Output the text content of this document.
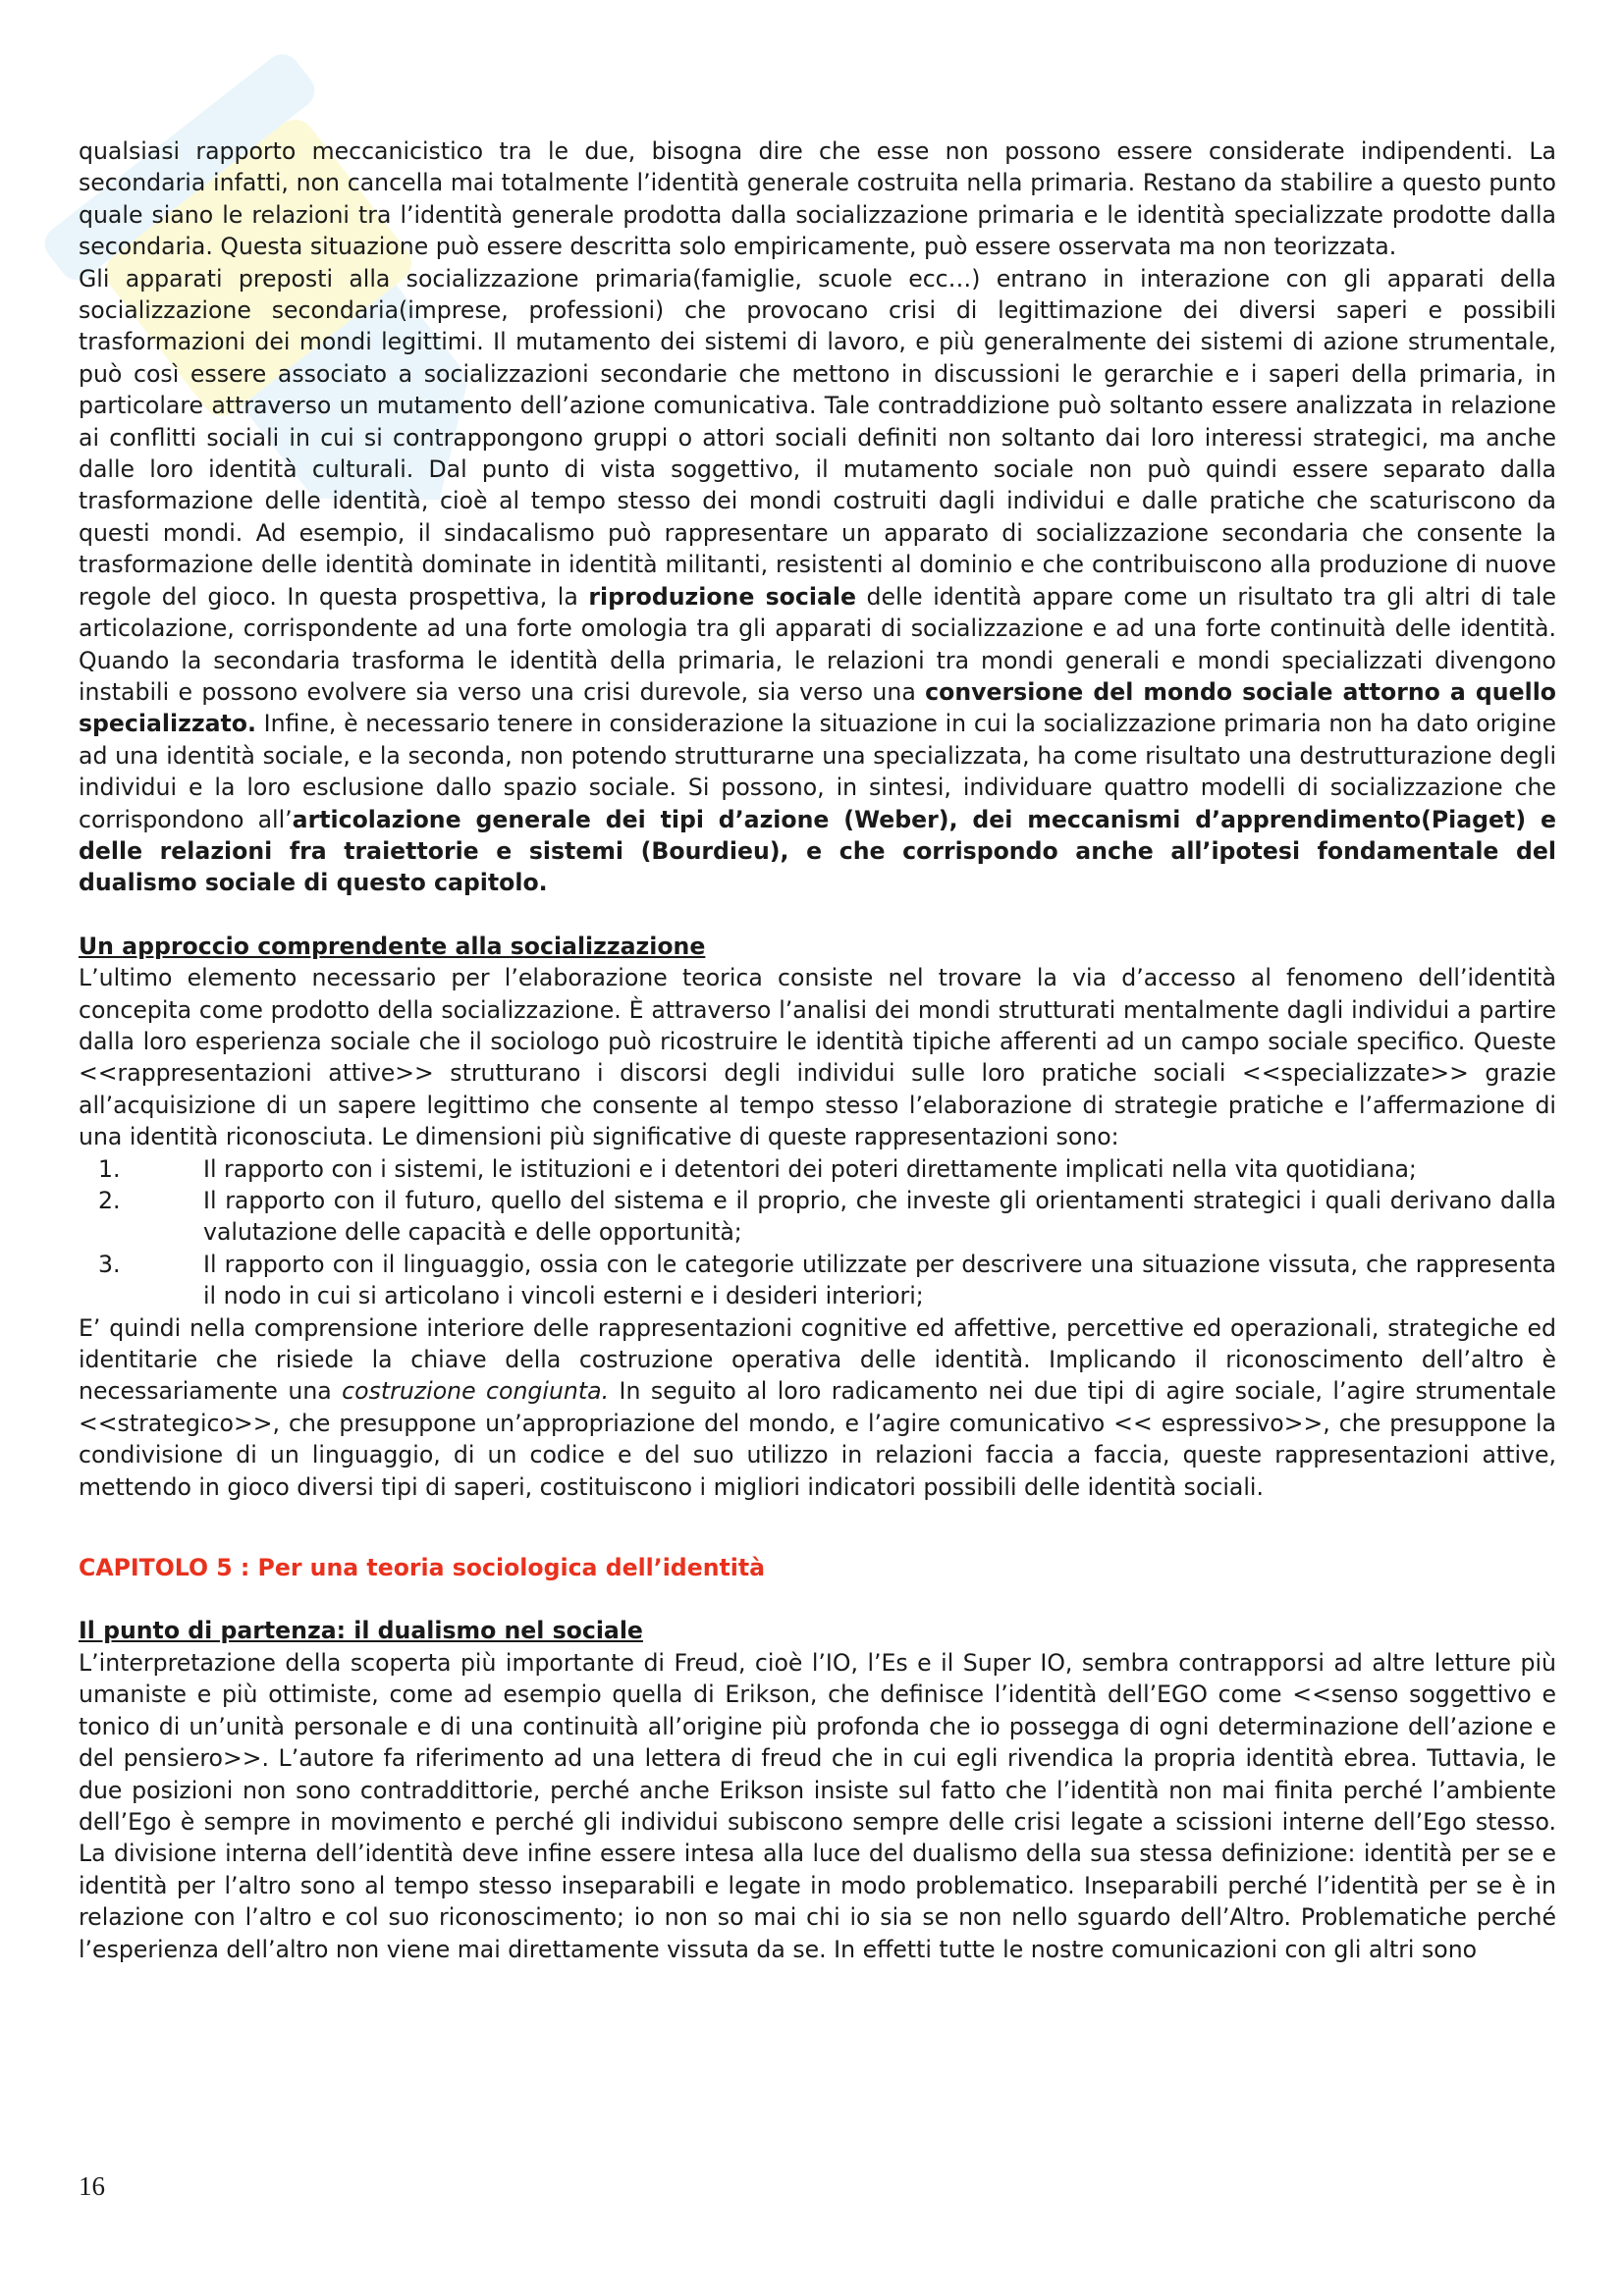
qualsiasi rapporto meccanicistico tra le due, bisogna dire che esse non possono essere considerate indipendenti. La secondaria infatti, non cancella mai totalmente l’identità generale costruita nella primaria. Restano da stabilire a questo punto quale siano le relazioni tra l’identità generale prodotta dalla socializzazione primaria e le identità specializzate prodotte dalla secondaria. Questa situazione può essere descritta solo empiricamente, può essere osservata ma non teorizzata.

Gli apparati preposti alla socializzazione primaria(famiglie, scuole ecc…) entrano in interazione con gli apparati della socializzazione secondaria(imprese, professioni) che provocano crisi di legittimazione dei diversi saperi e possibili trasformazioni dei mondi legittimi. Il mutamento dei sistemi di lavoro, e più generalmente dei sistemi di azione strumentale, può così essere associato a socializzazioni secondarie che mettono in discussioni le gerarchie e i saperi della primaria, in particolare attraverso un mutamento dell’azione comunicativa. Tale contraddizione può soltanto essere analizzata in relazione ai conflitti sociali in cui si contrappongono gruppi o attori sociali definiti non soltanto dai loro interessi strategici, ma anche dalle loro identità culturali. Dal punto di vista soggettivo, il mutamento sociale non può quindi essere separato dalla trasformazione delle identità, cioè al tempo stesso dei mondi costruiti dagli individui e dalle pratiche che scaturiscono da questi mondi. Ad esempio, il sindacalismo può rappresentare un apparato di socializzazione secondaria che consente la trasformazione delle identità dominate in identità militanti, resistenti al dominio e che contribuiscono alla produzione di nuove regole del gioco. In questa prospettiva, la riproduzione sociale delle identità appare come un risultato tra gli altri di tale articolazione, corrispondente ad una forte omologia tra gli apparati di socializzazione e ad una forte continuità delle identità. Quando la secondaria trasforma le identità della primaria, le relazioni tra mondi generali e mondi specializzati divengono instabili e possono evolvere sia verso una crisi durevole, sia verso una conversione del mondo sociale attorno a quello specializzato. Infine, è necessario tenere in considerazione la situazione in cui la socializzazione primaria non ha dato origine ad una identità sociale, e la seconda, non potendo strutturarne una specializzata, ha come risultato una destrutturazione degli individui e la loro esclusione dallo spazio sociale. Si possono, in sintesi, individuare quattro modelli di socializzazione che corrispondono all’articolazione generale dei tipi d’azione (Weber), dei meccanismi d’apprendimento(Piaget) e delle relazioni fra traiettorie e sistemi (Bourdieu), e che corrispondo anche all’ipotesi fondamentale del dualismo sociale di questo capitolo.

Un approccio comprendente alla socializzazione

L’ultimo elemento necessario per l’elaborazione teorica consiste nel trovare la via d’accesso al fenomeno dell’identità concepita come prodotto della socializzazione. È attraverso l’analisi dei mondi strutturati mentalmente dagli individui a partire dalla loro esperienza sociale che il sociologo può ricostruire le identità tipiche afferenti ad un campo sociale specifico. Queste <<rappresentazioni attive>> strutturano i discorsi degli individui sulle loro pratiche sociali <<specializzate>> grazie all’acquisizione di un sapere legittimo che consente al tempo stesso l’elaborazione di strategie pratiche e l’affermazione di una identità riconosciuta. Le dimensioni più significative di queste rappresentazioni sono:

1.	Il rapporto con i sistemi, le istituzioni e i detentori dei poteri direttamente implicati nella vita quotidiana;
2.	Il rapporto con il futuro, quello del sistema e il proprio, che investe gli orientamenti strategici i quali derivano dalla valutazione delle capacità e delle opportunità;
3.	Il rapporto con il linguaggio, ossia con le categorie utilizzate per descrivere una situazione vissuta, che rappresenta il nodo in cui si articolano i vincoli esterni e i desideri interiori;

E’ quindi nella comprensione interiore delle rappresentazioni cognitive ed affettive, percettive ed operazionali, strategiche ed identitarie che risiede la chiave della costruzione operativa delle identità. Implicando il riconoscimento dell’altro è necessariamente una costruzione congiunta. In seguito al loro radicamento nei due tipi di agire sociale, l’agire strumentale <<strategico>>, che presuppone un’appropriazione del mondo, e l’agire comunicativo << espressivo>>, che presuppone la condivisione di un linguaggio, di un codice e del suo utilizzo in relazioni faccia a faccia, queste rappresentazioni attive, mettendo in gioco diversi tipi di saperi, costituiscono i migliori indicatori possibili delle identità sociali.

CAPITOLO 5 : Per una teoria sociologica dell’identità

Il punto di partenza: il dualismo nel sociale

L’interpretazione della scoperta più importante di Freud, cioè l’IO, l’Es e il Super IO, sembra contrapporsi ad altre letture più umaniste e più ottimiste, come ad esempio quella di Erikson, che definisce l’identità dell’EGO come <<senso soggettivo e tonico di un’unità personale e di una continuità all’origine più profonda che io possegga di ogni determinazione dell’azione e del pensiero>>. L’autore fa riferimento ad una lettera di freud che in cui egli rivendica la propria identità ebrea. Tuttavia, le due posizioni non sono contraddittorie, perché anche Erikson insiste sul fatto che l’identità non mai finita perché l’ambiente dell’Ego è sempre in movimento e perché gli individui subiscono sempre delle crisi legate a scissioni interne dell’Ego stesso. La divisione interna dell’identità deve infine essere intesa alla luce del dualismo della sua stessa definizione: identità per se e identità per l’altro sono al tempo stesso inseparabili e legate in modo problematico. Inseparabili perché l’identità per se è in relazione con l’altro e col suo riconoscimento; io non so mai chi io sia se non nello sguardo dell’Altro. Problematiche perché l’esperienza dell’altro non viene mai direttamente vissuta da se. In effetti tutte le nostre comunicazioni con gli altri sono

16
